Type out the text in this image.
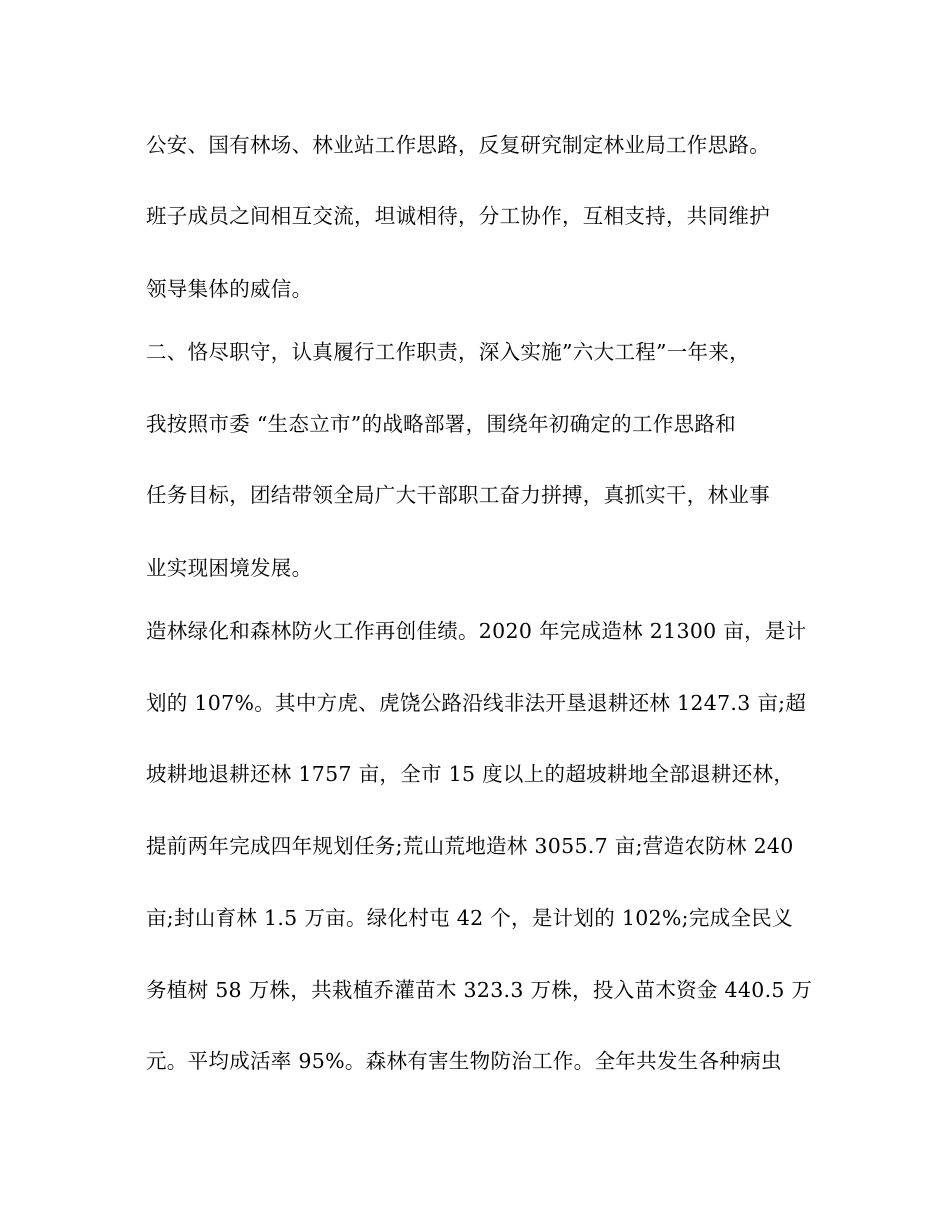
公安、国有林场、林业站工作思路，反复研究制定林业局工作思路。

班子成员之间相互交流，坦诚相待，分工协作，互相支持，共同维护

领导集体的威信。

二、恪尽职守，认真履行工作职责，深入实施”六大工程”一年来，

我按照市委 “生态立市”的战略部署，围绕年初确定的工作思路和

任务目标，团结带领全局广大干部职工奋力拼搏，真抓实干，林业事

业实现困境发展。

造林绿化和森林防火工作再创佳绩。2020 年完成造林 21300 亩，是计

划的 107%。其中方虎、虎饶公路沿线非法开垦退耕还林 1247.3 亩;超

坡耕地退耕还林 1757 亩，全市 15 度以上的超坡耕地全部退耕还林，

提前两年完成四年规划任务;荒山荒地造林 3055.7 亩;营造农防林 240

亩;封山育林 1.5 万亩。绿化村屯 42 个，是计划的 102%;完成全民义

务植树 58 万株，共栽植乔灌苗木 323.3 万株，投入苗木资金 440.5 万

元。平均成活率 95%。森林有害生物防治工作。全年共发生各种病虫
